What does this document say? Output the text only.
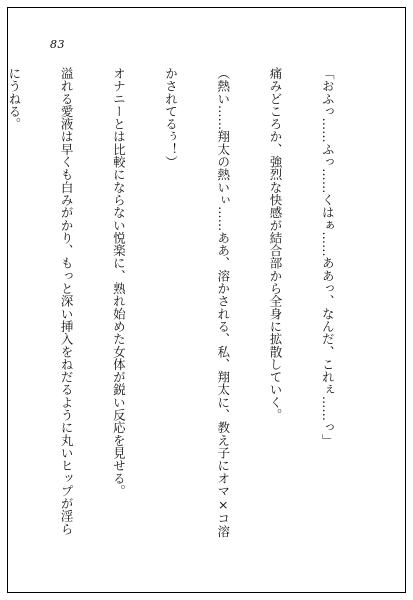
83

「おふっ……ふっ……くはぁ……ああっ、なんだ、これぇ……っ」

痛みどころか、強烈な快感が結合部から全身に拡散していく。

（熱い……翔太の熱いぃ……ああ、溶かされる、私、翔太に、教え子にオマ×コ溶

かされてるぅ！）

オナニーとは比較にならない悦楽に、熟れ始めた女体が鋭い反応を見せる。

溢れる愛液は早くも白みがかり、もっと深い挿入をねだるように丸いヒップが淫ら

にうねる。
